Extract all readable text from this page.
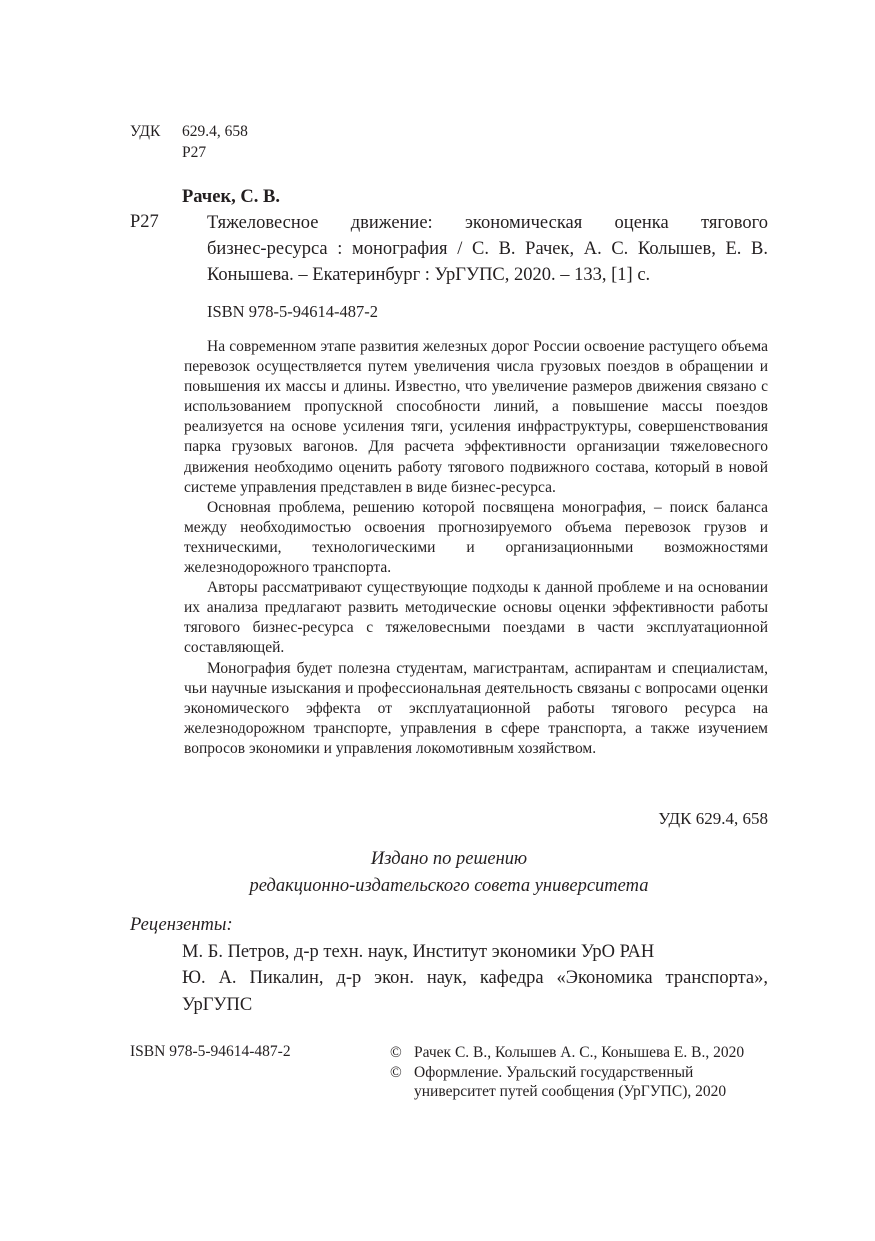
УДК 629.4, 658
Р27
Рачек, С. В.
Р27	Тяжеловесное движение: экономическая оценка тягового
бизнес-ресурса : монография / С. В. Рачек, А. С. Колышев, Е. В. Конышева. – Екатеринбург : УрГУПС, 2020. – 133, [1] с.
ISBN 978-5-94614-487-2

На современном этапе развития железных дорог России освоение растущего объема перевозок осуществляется путем увеличения числа грузовых поездов в обращении и повышения их массы и длины. Известно, что увеличение размеров движения связано с использованием пропускной способности линий, а повышение массы поездов реализуется на основе усиления тяги, усиления инфраструктуры, совершенствования парка грузовых вагонов. Для расчета эффективности организации тяжеловесного движения необходимо оценить работу тягового подвижного состава, который в новой системе управления представлен в виде бизнес-ресурса.

Основная проблема, решению которой посвящена монография, – поиск баланса между необходимостью освоения прогнозируемого объема перевозок грузов и техническими, технологическими и организационными возможностями железнодорожного транспорта.

Авторы рассматривают существующие подходы к данной проблеме и на основании их анализа предлагают развить методические основы оценки эффективности работы тягового бизнес-ресурса с тяжеловесными поездами в части эксплуатационной составляющей.

Монография будет полезна студентам, магистрантам, аспирантам и специалистам, чьи научные изыскания и профессиональная деятельность связаны с вопросами оценки экономического эффекта от эксплуатационной работы тягового ресурса на железнодорожном транспорте, управления в сфере транспорта, а также изучением вопросов экономики и управления локомотивным хозяйством.

УДК 629.4, 658
Издано по решению
редакционно-издательского совета университета
Рецензенты:
М. Б. Петров, д-р техн. наук, Институт экономики УрО РАН
Ю. А. Пикалин, д-р экон. наук, кафедра «Экономика транспорта», УрГУПС
ISBN 978-5-94614-487-2	© Рачек С. В., Колышев А. С., Конышева Е. В., 2020
© Оформление. Уральский государственный университет путей сообщения (УрГУПС), 2020
